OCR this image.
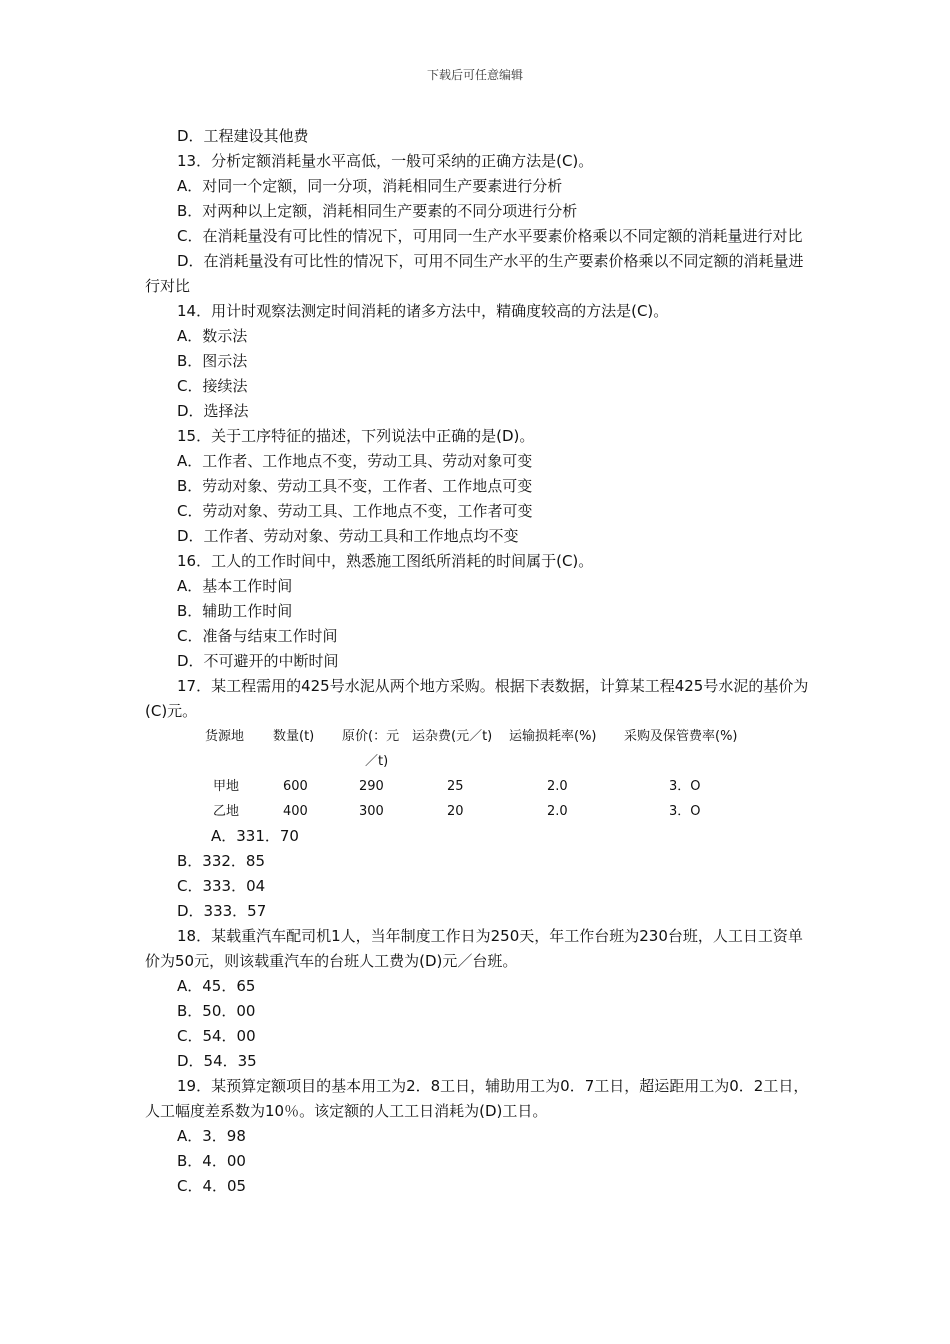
下载后可任意编辑
D．工程建设其他费
13．分析定额消耗量水平高低，一般可采纳的正确方法是(C)。
A．对同一个定额，同一分项，消耗相同生产要素进行分析
B．对两种以上定额，消耗相同生产要素的不同分项进行分析
C．在消耗量没有可比性的情况下，可用同一生产水平要素价格乘以不同定额的消耗量进行对比
D．在消耗量没有可比性的情况下，可用不同生产水平的生产要素价格乘以不同定额的消耗量进行对比
14．用计时观察法测定时间消耗的诸多方法中，精确度较高的方法是(C)。
A．数示法
B．图示法
C．接续法
D．选择法
15．关于工序特征的描述，下列说法中正确的是(D)。
A．工作者、工作地点不变，劳动工具、劳动对象可变
B．劳动对象、劳动工具不变，工作者、工作地点可变
C．劳动对象、劳动工具、工作地点不变，工作者可变
D．工作者、劳动对象、劳动工具和工作地点均不变
16．工人的工作时间中，熟悉施工图纸所消耗的时间属于(C)。
A．基本工作时间
B．辅助工作时间
C．准备与结束工作时间
D．不可避开的中断时间
17．某工程需用的425号水泥从两个地方采购。根据下表数据，计算某工程425号水泥的基价为(C)元。
货源地 数量(t) 原价(：元 运杂费(元／t) 运输损耗率(%) 采购及保管费率(%)
／t)
甲地	600	290	25	2.0	3．O
乙地	400	300	20	2.0	3．O
A．331．70
B．332．85
C．333．04
D．333．57
18．某载重汽车配司机1人，当年制度工作日为250天，年工作台班为230台班，人工日工资单价为50元，则该载重汽车的台班人工费为(D)元／台班。
A．45．65
B．50．00
C．54．00
D．54．35
19．某预算定额项目的基本用工为2．8工日，辅助用工为0．7工日，超运距用工为0．2工日，人工幅度差系数为10％。该定额的人工工日消耗为(D)工日。
A．3．98
B．4．00
C．4．05
